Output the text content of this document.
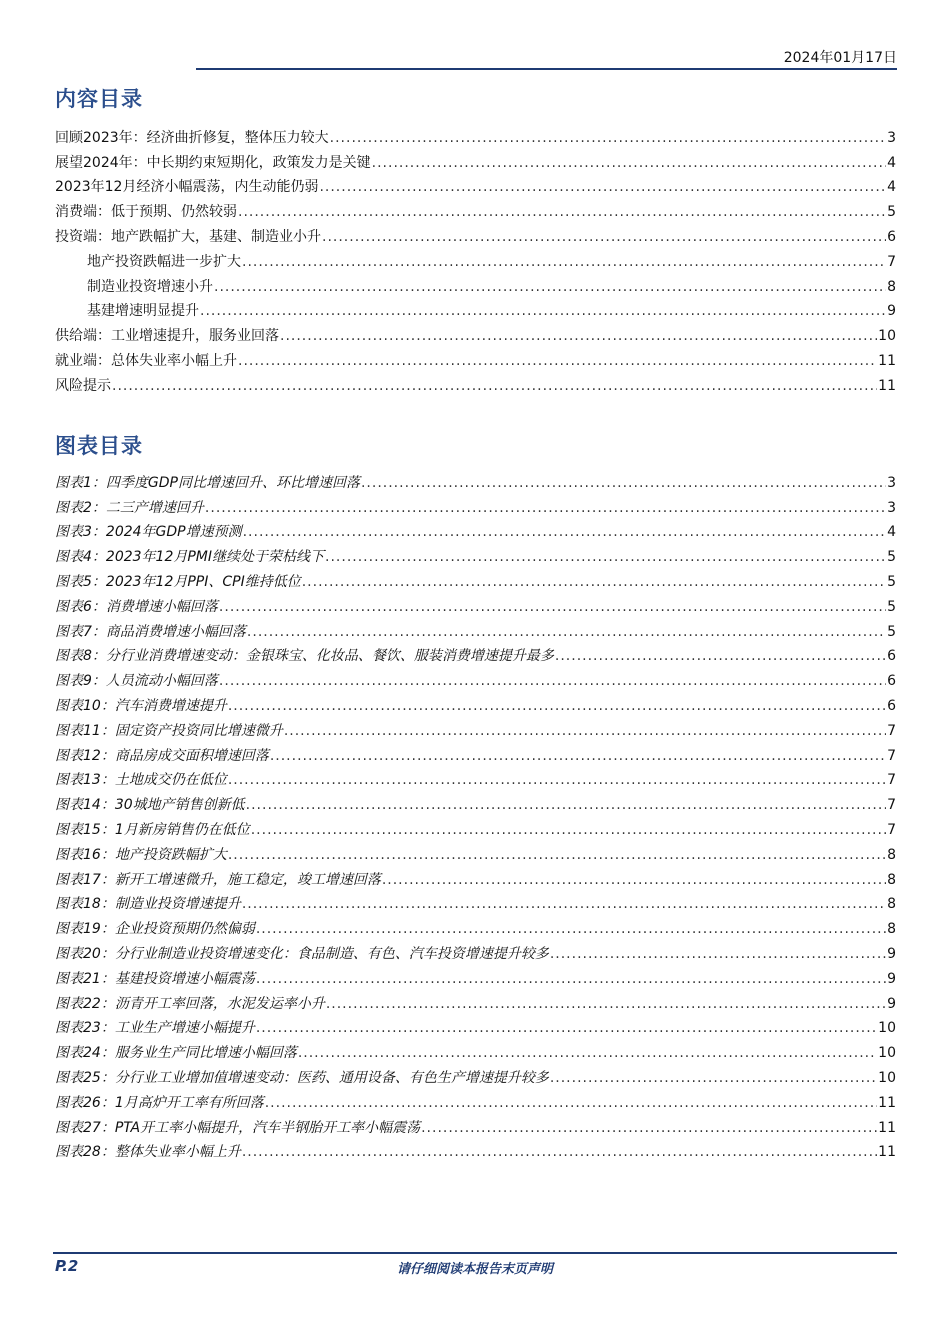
2024年01月17日
内容目录
回顾2023年：经济曲折修复，整体压力较大 .....	3
展望2024年：中长期约束短期化，政策发力是关键 .....	4
2023年12月经济小幅震荡，内生动能仍弱 .....	4
消费端：低于预期、仍然较弱 .....	5
投资端：地产跌幅扩大，基建、制造业小升 .....	6
地产投资跌幅进一步扩大 .....	7
制造业投资增速小升 .....	8
基建增速明显提升 .....	9
供给端：工业增速提升，服务业回落 .....	10
就业端：总体失业率小幅上升 .....	11
风险提示 .....	11
图表目录
图表1：四季度GDP同比增速回升、环比增速回落 .....	3
图表2：二三产增速回升 .....	3
图表3：2024年GDP增速预测 .....	4
图表4：2023年12月PMI继续处于荣枯线下 .....	5
图表5：2023年12月PPI、CPI维持低位 .....	5
图表6：消费增速小幅回落 .....	5
图表7：商品消费增速小幅回落 .....	5
图表8：分行业消费增速变动：金银珠宝、化妆品、餐饮、服装消费增速提升最多 .....	6
图表9：人员流动小幅回落 .....	6
图表10：汽车消费增速提升 .....	6
图表11：固定资产投资同比增速微升 .....	7
图表12：商品房成交面积增速回落 .....	7
图表13：土地成交仍在低位 .....	7
图表14：30城地产销售创新低 .....	7
图表15：1月新房销售仍在低位 .....	7
图表16：地产投资跌幅扩大 .....	8
图表17：新开工增速微升，施工稳定，竣工增速回落 .....	8
图表18：制造业投资增速提升 .....	8
图表19：企业投资预期仍然偏弱 .....	8
图表20：分行业制造业投资增速变化：食品制造、有色、汽车投资增速提升较多 .....	9
图表21：基建投资增速小幅震荡 .....	9
图表22：沥青开工率回落，水泥发运率小升 .....	9
图表23：工业生产增速小幅提升 .....	10
图表24：服务业生产同比增速小幅回落 .....	10
图表25：分行业工业增加值增速变动：医药、通用设备、有色生产增速提升较多 .....	10
图表26：1月高炉开工率有所回落 .....	11
图表27：PTA开工率小幅提升，汽车半钢胎开工率小幅震荡 .....	11
图表28：整体失业率小幅上升 .....	11
P.2	请仔细阅读本报告末页声明
